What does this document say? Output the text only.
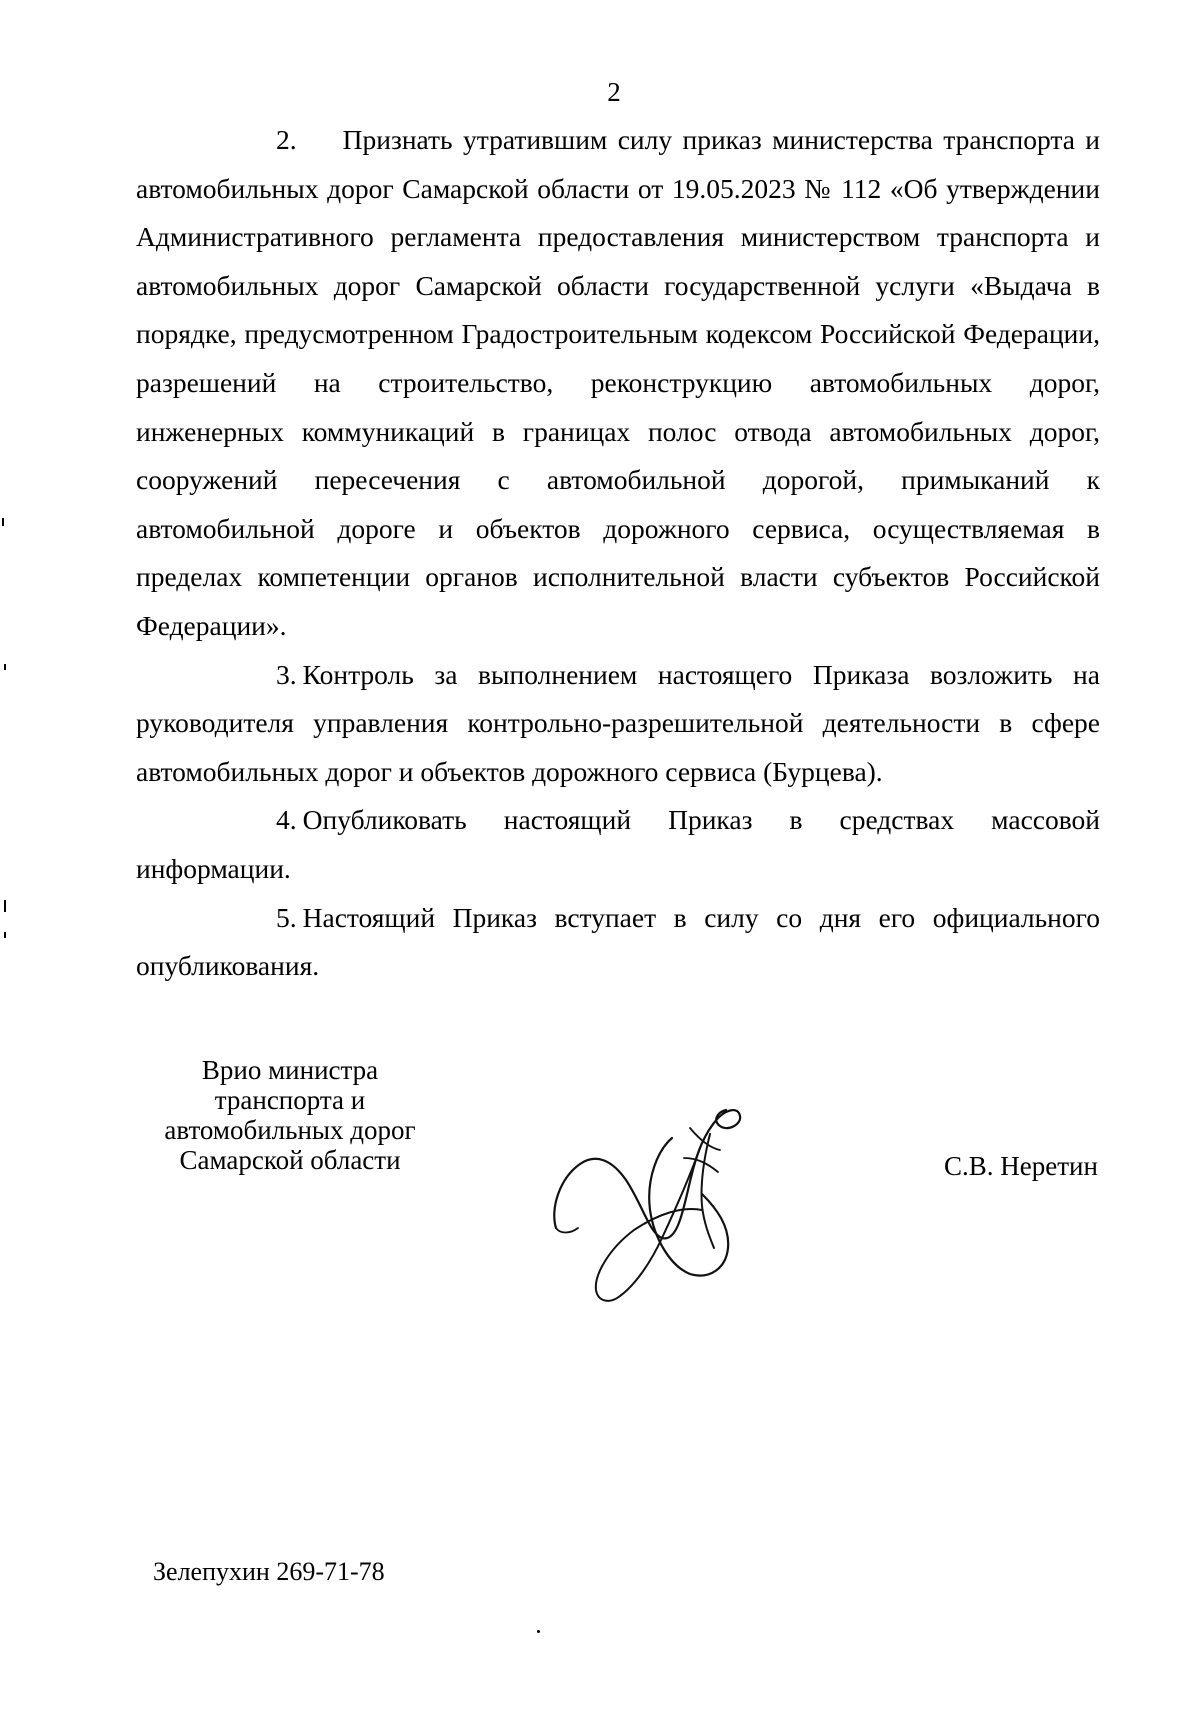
2

2. Признать утратившим силу приказ министерства транспорта и автомобильных дорог Самарской области от 19.05.2023 № 112 «Об утверждении Административного регламента предоставления министерством транспорта и автомобильных дорог Самарской области государственной услуги «Выдача в порядке, предусмотренном Градостроительным кодексом Российской Федерации, разрешений на строительство, реконструкцию автомобильных дорог, инженерных коммуникаций в границах полос отвода автомобильных дорог, сооружений пересечения с автомобильной дорогой, примыканий к автомобильной дороге и объектов дорожного сервиса, осуществляемая в пределах компетенции органов исполнительной власти субъектов Российской Федерации».

3. Контроль за выполнением настоящего Приказа возложить на руководителя управления контрольно-разрешительной деятельности в сфере автомобильных дорог и объектов дорожного сервиса (Бурцева).

4. Опубликовать настоящий Приказ в средствах массовой информации.

5. Настоящий Приказ вступает в силу со дня его официального опубликования.

Врио министра
транспорта и
автомобильных дорог
Самарской области	С.В. Неретин
Зелепухин 269-71-78
